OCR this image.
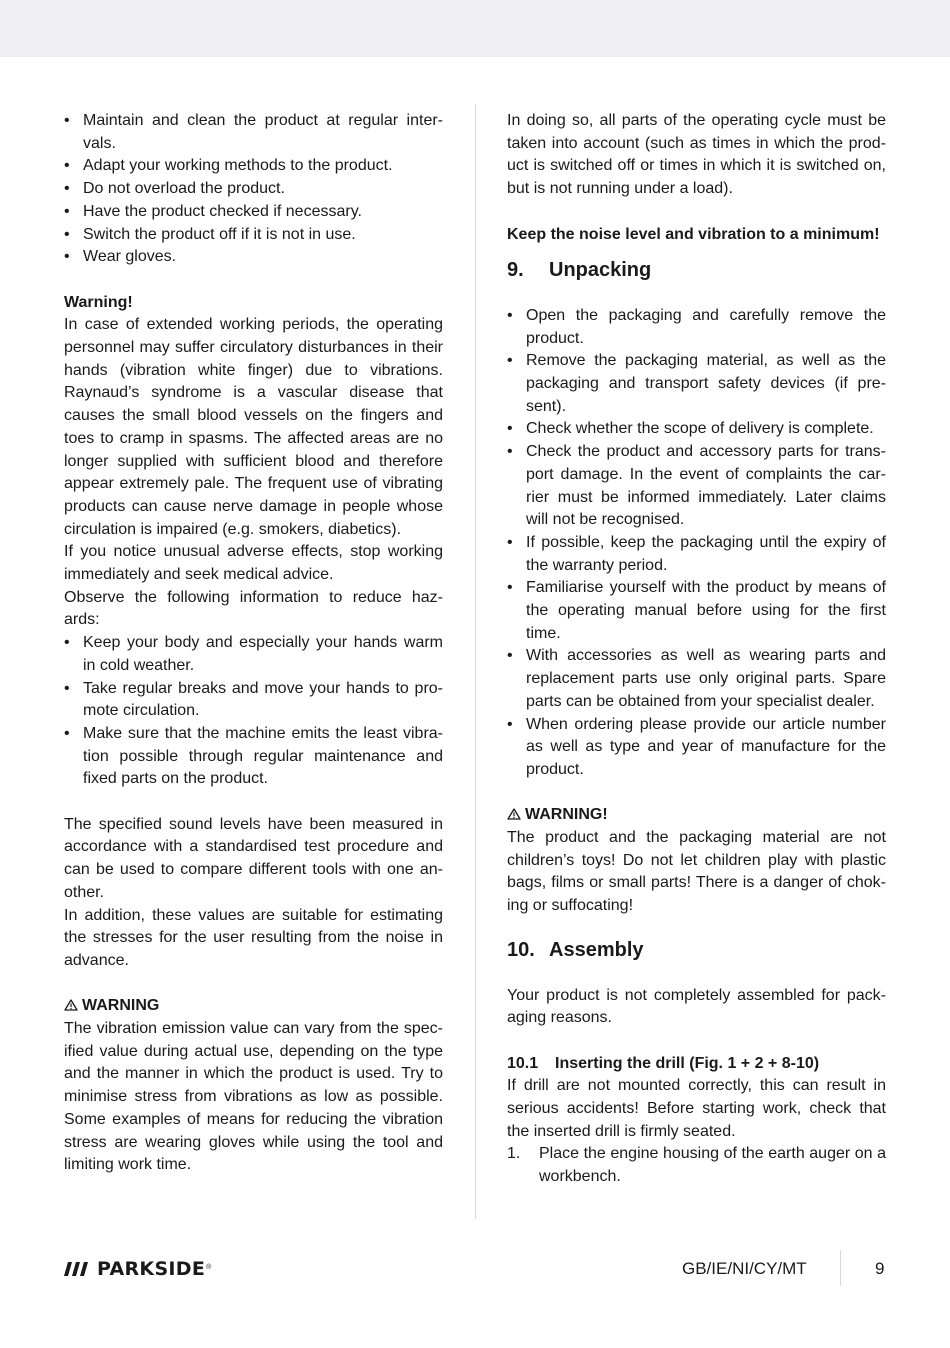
• Maintain and clean the product at regular inter-vals.
• Adapt your working methods to the product.
• Do not overload the product.
• Have the product checked if necessary.
• Switch the product off if it is not in use.
• Wear gloves.

Warning!

In case of extended working periods, the operating personnel may suffer circulatory disturbances in their hands (vibration white finger) due to vibrations. Raynaud’s syndrome is a vascular disease that causes the small blood vessels on the fingers and toes to cramp in spasms. The affected areas are no longer supplied with sufficient blood and therefore appear extremely pale. The frequent use of vibrating products can cause nerve damage in people whose circulation is impaired (e.g. smokers, diabetics).

If you notice unusual adverse effects, stop working immediately and seek medical advice.

Observe the following information to reduce haz-ards:

• Keep your body and especially your hands warm in cold weather.
• Take regular breaks and move your hands to pro-mote circulation.
• Make sure that the machine emits the least vibra-tion possible through regular maintenance and fixed parts on the product.

The specified sound levels have been measured in accordance with a standardised test procedure and can be used to compare different tools with one an-other.

In addition, these values are suitable for estimating the stresses for the user resulting from the noise in advance.

WARNING

The vibration emission value can vary from the spec-ified value during actual use, depending on the type and the manner in which the product is used. Try to minimise stress from vibrations as low as possible. Some examples of means for reducing the vibration stress are wearing gloves while using the tool and limiting work time.

In doing so, all parts of the operating cycle must be taken into account (such as times in which the prod-uct is switched off or times in which it is switched on, but is not running under a load).

Keep the noise level and vibration to a minimum!

9.	Unpacking
• Open the packaging and carefully remove the product.
• Remove the packaging material, as well as the packaging and transport safety devices (if pre-sent).
• Check whether the scope of delivery is complete.
• Check the product and accessory parts for trans-port damage. In the event of complaints the car-rier must be informed immediately. Later claims will not be recognised.
• If possible, keep the packaging until the expiry of the warranty period.
• Familiarise yourself with the product by means of the operating manual before using for the first time.
• With accessories as well as wearing parts and replacement parts use only original parts. Spare parts can be obtained from your specialist dealer.
• When ordering please provide our article number as well as type and year of manufacture for the product.

WARNING!

The product and the packaging material are not children’s toys! Do not let children play with plastic bags, films or small parts! There is a danger of chok-ing or suffocating!

10. Assembly

Your product is not completely assembled for pack-aging reasons.

10.1	Inserting the drill (Fig. 1 + 2 + 8-10)

If drill are not mounted correctly, this can result in serious accidents! Before starting work, check that the inserted drill is firmly seated.

1. Place the engine housing of the earth auger on a workbench.
PARKSIDE ®	GB/IE/NI/CY/MT	9
